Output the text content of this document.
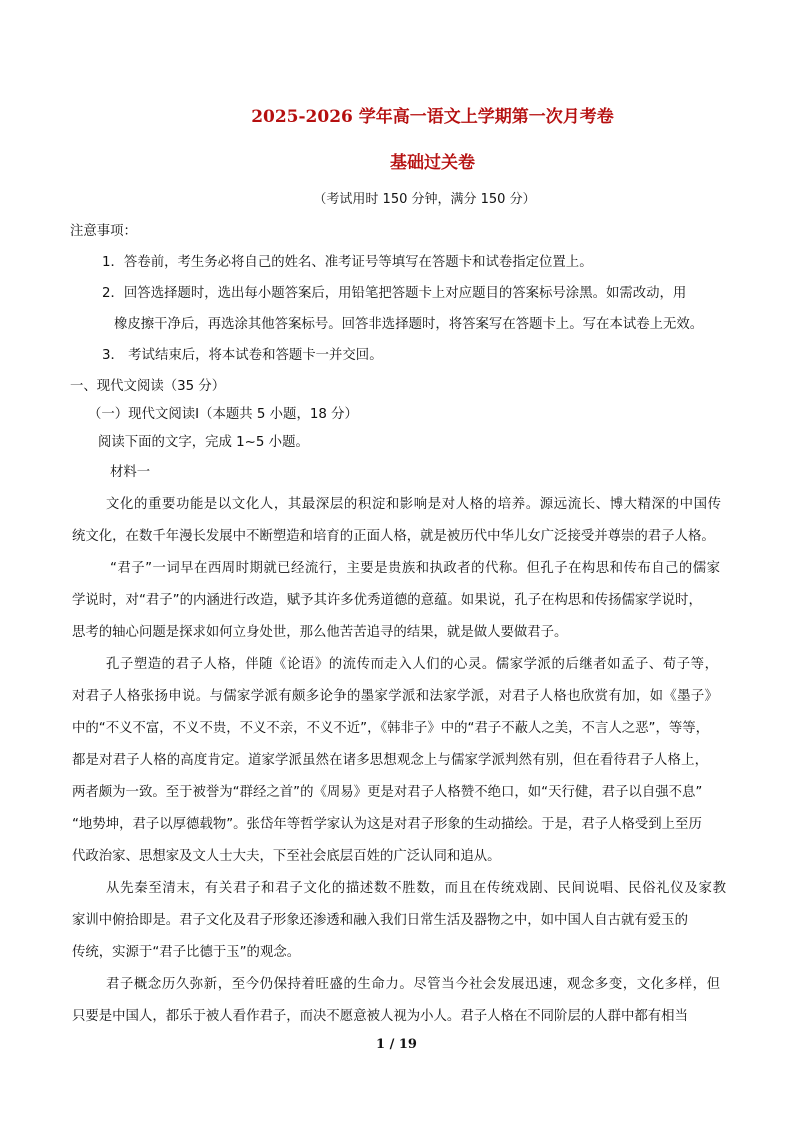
2025-2026 学年高一语文上学期第一次月考卷
基础过关卷
（考试用时 150 分钟，满分 150 分）
注意事项：
1．答卷前，考生务必将自己的姓名、准考证号等填写在答题卡和试卷指定位置上。
2．回答选择题时，选出每小题答案后，用铅笔把答题卡上对应题目的答案标号涂黑。如需改动，用
橡皮擦干净后，再选涂其他答案标号。回答非选择题时，将答案写在答题卡上。写在本试卷上无效。
3． 考试结束后，将本试卷和答题卡一并交回。
一、现代文阅读（35 分）
（一）现代文阅读Ⅰ（本题共 5 小题，18 分）
阅读下面的文字，完成 1~5 小题。
材料一
文化的重要功能是以文化人，其最深层的积淀和影响是对人格的培养。源远流长、博大精深的中国传
统文化，在数千年漫长发展中不断塑造和培育的正面人格，就是被历代中华儿女广泛接受并尊崇的君子人格。
“君子”一词早在西周时期就已经流行，主要是贵族和执政者的代称。但孔子在构思和传布自己的儒家
学说时，对“君子”的内涵进行改造，赋予其许多优秀道德的意蕴。如果说，孔子在构思和传扬儒家学说时，
思考的轴心问题是探求如何立身处世，那么他苦苦追寻的结果，就是做人要做君子。
孔子塑造的君子人格，伴随《论语》的流传而走入人们的心灵。儒家学派的后继者如孟子、荀子等，
对君子人格张扬申说。与儒家学派有颇多论争的墨家学派和法家学派，对君子人格也欣赏有加，如《墨子》
中的“不义不富，不义不贵，不义不亲，不义不近”，《韩非子》中的“君子不蔽人之美，不言人之恶”，等等，
都是对君子人格的高度肯定。道家学派虽然在诸多思想观念上与儒家学派判然有别，但在看待君子人格上，
两者颇为一致。至于被誉为“群经之首”的《周易》更是对君子人格赞不绝口，如“天行健，君子以自强不息”
“地势坤，君子以厚德载物”。张岱年等哲学家认为这是对君子形象的生动描绘。于是，君子人格受到上至历
代政治家、思想家及文人士大夫，下至社会底层百姓的广泛认同和追从。
从先秦至清末，有关君子和君子文化的描述数不胜数，而且在传统戏剧、民间说唱、民俗礼仪及家教
家训中俯拾即是。君子文化及君子形象还渗透和融入我们日常生活及器物之中，如中国人自古就有爱玉的
传统，实源于“君子比德于玉”的观念。
君子概念历久弥新，至今仍保持着旺盛的生命力。尽管当今社会发展迅速，观念多变，文化多样，但
只要是中国人，都乐于被人看作君子，而决不愿意被人视为小人。君子人格在不同阶层的人群中都有相当
1 / 19
